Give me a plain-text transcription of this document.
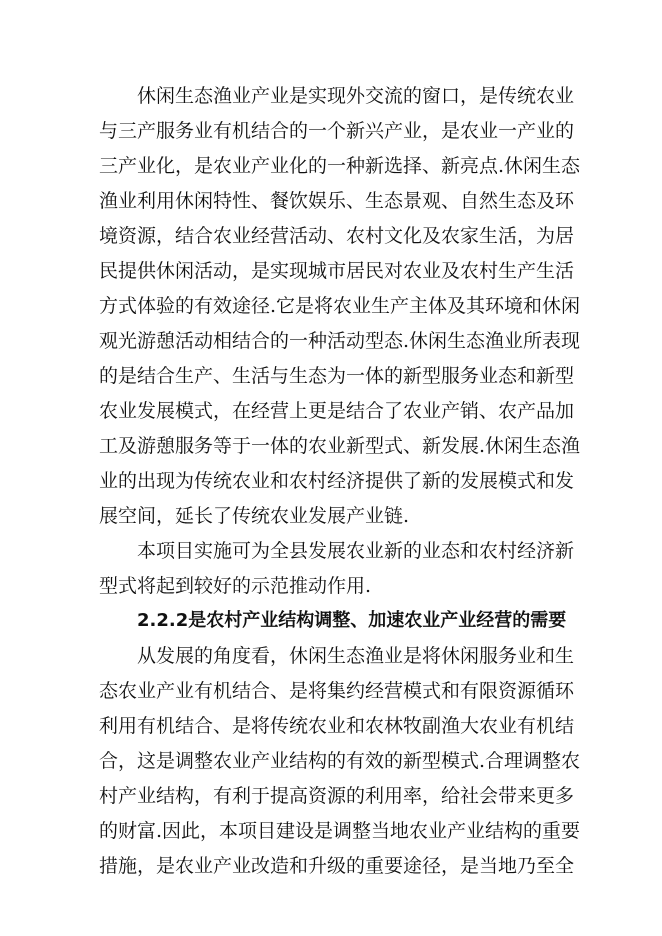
休闲生态渔业产业是实现外交流的窗口，是传统农业
与三产服务业有机结合的一个新兴产业，是农业一产业的
三产业化，是农业产业化的一种新选择、新亮点.休闲生态
渔业利用休闲特性、餐饮娱乐、生态景观、自然生态及环
境资源，结合农业经营活动、农村文化及农家生活，为居
民提供休闲活动，是实现城市居民对农业及农村生产生活
方式体验的有效途径.它是将农业生产主体及其环境和休闲
观光游憩活动相结合的一种活动型态.休闲生态渔业所表现
的是结合生产、生活与生态为一体的新型服务业态和新型
农业发展模式，在经营上更是结合了农业产销、农产品加
工及游憩服务等于一体的农业新型式、新发展.休闲生态渔
业的出现为传统农业和农村经济提供了新的发展模式和发
展空间，延长了传统农业发展产业链.
本项目实施可为全县发展农业新的业态和农村经济新
型式将起到较好的示范推动作用.
2.2.2是农村产业结构调整、加速农业产业经营的需要
从发展的角度看，休闲生态渔业是将休闲服务业和生
态农业产业有机结合、是将集约经营模式和有限资源循环
利用有机结合、是将传统农业和农林牧副渔大农业有机结
合，这是调整农业产业结构的有效的新型模式.合理调整农
村产业结构，有利于提高资源的利用率，给社会带来更多
的财富.因此，本项目建设是调整当地农业产业结构的重要
措施，是农业产业改造和升级的重要途径，是当地乃至全
